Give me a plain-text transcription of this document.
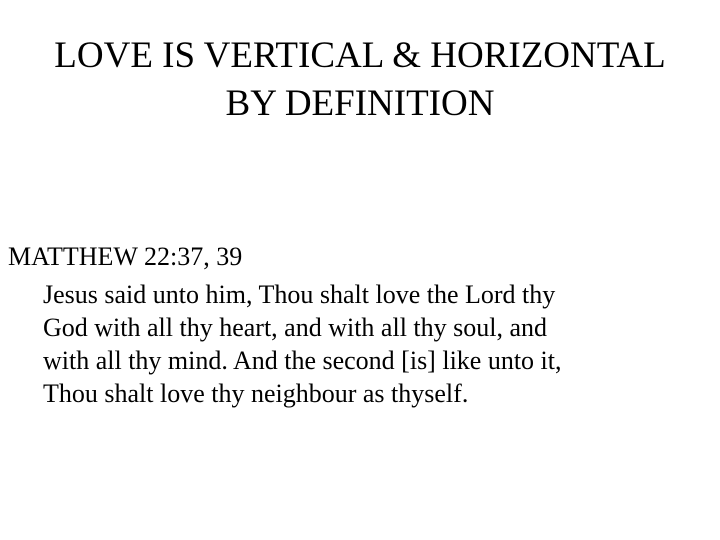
LOVE IS VERTICAL & HORIZONTAL
BY DEFINITION

MATTHEW 22:37, 39

Jesus said unto him, Thou shalt love the Lord thy
God with all thy heart, and with all thy soul, and
with all thy mind. And the second [is] like unto it,
Thou shalt love thy neighbour as thyself.
